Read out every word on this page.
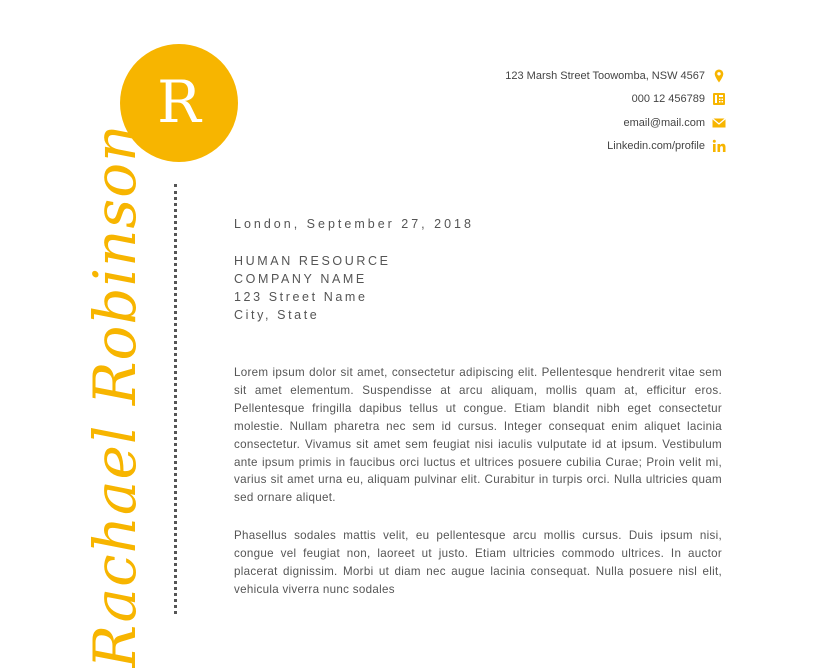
R	123 Marsh Street Toowomba, NSW 4567
000 12 456789
email@mail.com
Linkedin.com/profile
Rachael Robinson	London, September 27, 2018

HUMAN RESOURCE
COMPANY NAME
123 Street Name
City, State

Lorem ipsum dolor sit amet, consectetur adipiscing elit. Pellentesque hendrerit vitae sem sit amet elementum. Suspendisse at arcu aliquam, mollis quam at, efficitur eros. Pellentesque fringilla dapibus tellus ut congue. Etiam blandit nibh eget consectetur molestie. Nullam pharetra nec sem id cursus. Integer consequat enim aliquet lacinia consectetur. Vivamus sit amet sem feugiat nisi iaculis vulputate id at ipsum. Vestibulum ante ipsum primis in faucibus orci luctus et ultrices posuere cubilia Curae; Proin velit mi, varius sit amet urna eu, aliquam pulvinar elit. Curabitur in turpis orci. Nulla ultricies quam sed ornare aliquet.

Phasellus sodales mattis velit, eu pellentesque arcu mollis cursus. Duis ipsum nisi, congue vel feugiat non, laoreet ut justo. Etiam ultricies commodo ultrices. In auctor placerat dignissim. Morbi ut diam nec augue lacinia consequat. Nulla posuere nisl elit, vehicula viverra nunc sodales
